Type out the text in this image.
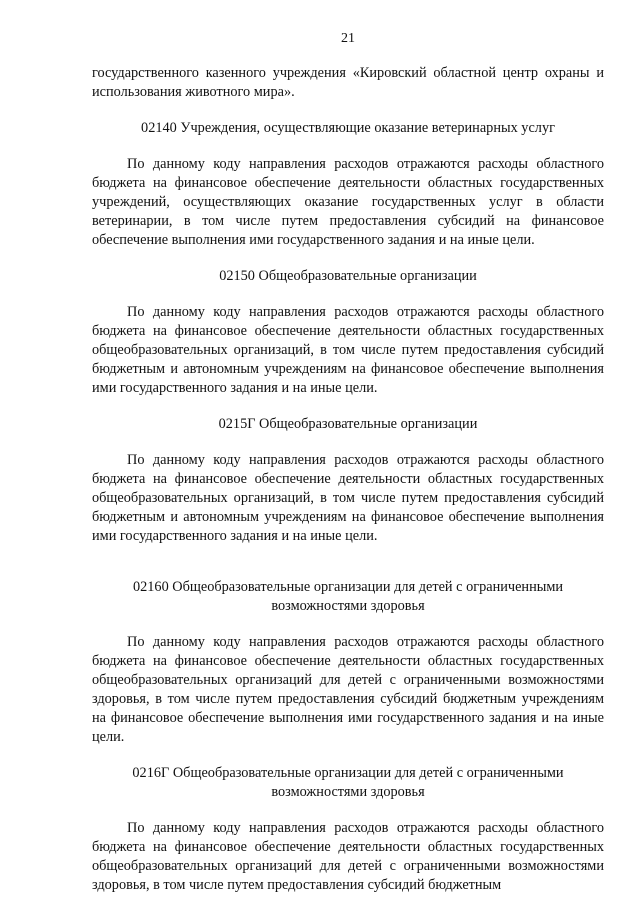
21

государственного казенного учреждения «Кировский областной центр охраны и использования животного мира».

02140 Учреждения, осуществляющие оказание ветеринарных услуг

По данному коду направления расходов отражаются расходы областного бюджета на финансовое обеспечение деятельности областных государственных учреждений, осуществляющих оказание государственных услуг в области ветеринарии, в том числе путем предоставления субсидий на финансовое обеспечение выполнения ими государственного задания и на иные цели.

02150 Общеобразовательные организации

По данному коду направления расходов отражаются расходы областного бюджета на финансовое обеспечение деятельности областных государственных общеобразовательных организаций, в том числе путем предоставления субсидий бюджетным и автономным учреждениям на финансовое обеспечение выполнения ими государственного задания и на иные цели.

0215Г Общеобразовательные организации

По данному коду направления расходов отражаются расходы областного бюджета на финансовое обеспечение деятельности областных государственных общеобразовательных организаций, в том числе путем предоставления субсидий бюджетным и автономным учреждениям на финансовое обеспечение выполнения ими государственного задания и на иные цели.

02160 Общеобразовательные организации для детей с ограниченными возможностями здоровья

По данному коду направления расходов отражаются расходы областного бюджета на финансовое обеспечение деятельности областных государственных общеобразовательных организаций для детей с ограниченными возможностями здоровья, в том числе путем предоставления субсидий бюджетным учреждениям на финансовое обеспечение выполнения ими государственного задания и на иные цели.

0216Г Общеобразовательные организации для детей с ограниченными возможностями здоровья

По данному коду направления расходов отражаются расходы областного бюджета на финансовое обеспечение деятельности областных государственных общеобразовательных организаций для детей с ограниченными возможностями здоровья, в том числе путем предоставления субсидий бюджетным
